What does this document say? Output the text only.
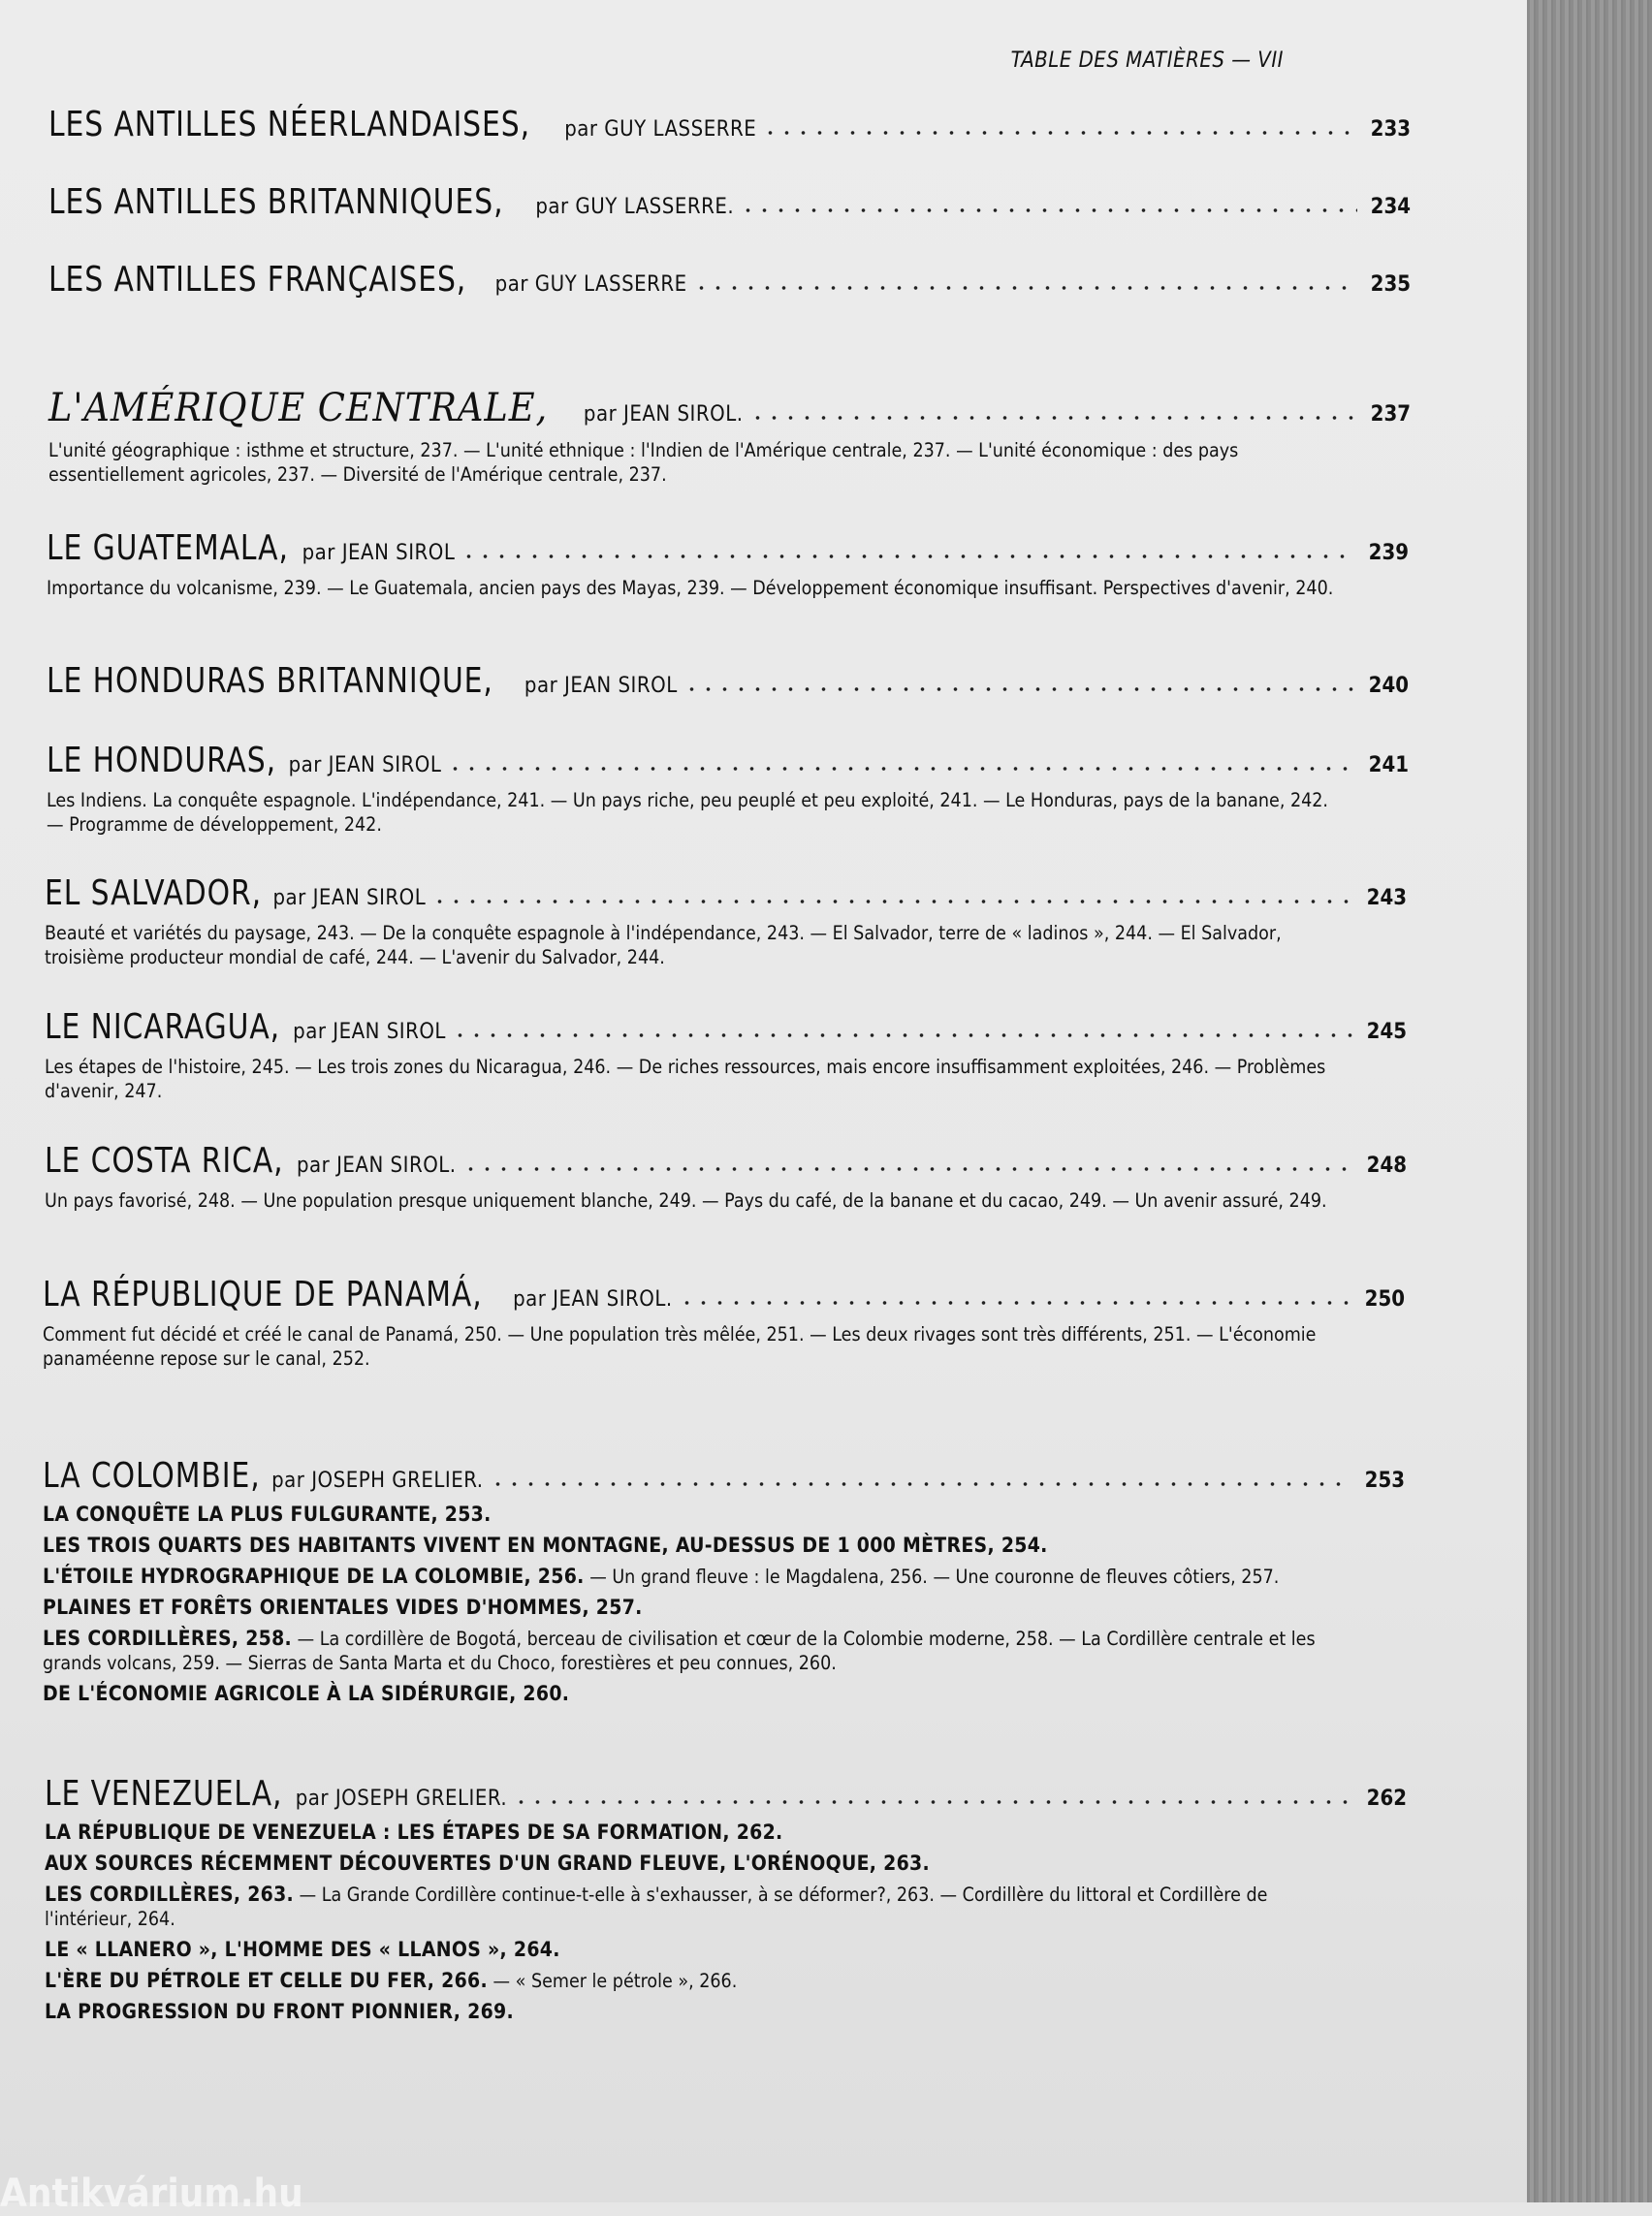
TABLE DES MATIÈRES — VII
LES ANTILLES NÉERLANDAISES, par GUY LASSERRE	233
LES ANTILLES BRITANNIQUES, par GUY LASSERRE.	234
LES ANTILLES FRANÇAISES, par GUY LASSERRE	235
L'AMÉRIQUE CENTRALE, par JEAN SIROL.	237
L'unité géographique : isthme et structure, 237. — L'unité ethnique : l'Indien de l'Amérique centrale, 237. — L'unité économique : des pays essentiellement agricoles, 237. — Diversité de l'Amérique centrale, 237.
LE GUATEMALA, par JEAN SIROL	239
Importance du volcanisme, 239. — Le Guatemala, ancien pays des Mayas, 239. — Développement économique insuffisant. Perspectives d'avenir, 240.
LE HONDURAS BRITANNIQUE, par JEAN SIROL	240
LE HONDURAS, par JEAN SIROL	241
Les Indiens. La conquête espagnole. L'indépendance, 241. — Un pays riche, peu peuplé et peu exploité, 241. — Le Honduras, pays de la banane, 242. — Programme de développement, 242.
EL SALVADOR, par JEAN SIROL	243
Beauté et variétés du paysage, 243. — De la conquête espagnole à l'indépendance, 243. — El Salvador, terre de « ladinos », 244. — El Salvador, troisième producteur mondial de café, 244. — L'avenir du Salvador, 244.
LE NICARAGUA, par JEAN SIROL	245
Les étapes de l'histoire, 245. — Les trois zones du Nicaragua, 246. — De riches ressources, mais encore insuffisamment exploitées, 246. — Problèmes d'avenir, 247.
LE COSTA RICA, par JEAN SIROL.	248
Un pays favorisé, 248. — Une population presque uniquement blanche, 249. — Pays du café, de la banane et du cacao, 249. — Un avenir assuré, 249.
LA RÉPUBLIQUE DE PANAMÁ, par JEAN SIROL.	250
Comment fut décidé et créé le canal de Panamá, 250. — Une population très mêlée, 251. — Les deux rivages sont très différents, 251. — L'économie panaméenne repose sur le canal, 252.
LA COLOMBIE, par JOSEPH GRELIER.	253
LA CONQUÊTE LA PLUS FULGURANTE, 253.
LES TROIS QUARTS DES HABITANTS VIVENT EN MONTAGNE, AU-DESSUS DE 1 000 MÈTRES, 254.
L'ÉTOILE HYDROGRAPHIQUE DE LA COLOMBIE, 256. — Un grand fleuve : le Magdalena, 256. — Une couronne de fleuves côtiers, 257.
PLAINES ET FORÊTS ORIENTALES VIDES D'HOMMES, 257.
LES CORDILLÈRES, 258. — La cordillère de Bogotá, berceau de civilisation et cœur de la Colombie moderne, 258. — La Cordillère centrale et les grands volcans, 259. — Sierras de Santa Marta et du Choco, forestières et peu connues, 260.
DE L'ÉCONOMIE AGRICOLE À LA SIDÉRURGIE, 260.
LE VENEZUELA, par JOSEPH GRELIER.	262
LA RÉPUBLIQUE DE VENEZUELA : LES ÉTAPES DE SA FORMATION, 262.
AUX SOURCES RÉCEMMENT DÉCOUVERTES D'UN GRAND FLEUVE, L'ORÉNOQUE, 263.
LES CORDILLÈRES, 263. — La Grande Cordillère continue-t-elle à s'exhausser, à se déformer?, 263. — Cordillère du littoral et Cordillère de l'intérieur, 264.
LE « LLANERO », L'HOMME DES « LLANOS », 264.
L'ÈRE DU PÉTROLE ET CELLE DU FER, 266. — « Semer le pétrole », 266.
LA PROGRESSION DU FRONT PIONNIER, 269.
Antikvárium.hu
